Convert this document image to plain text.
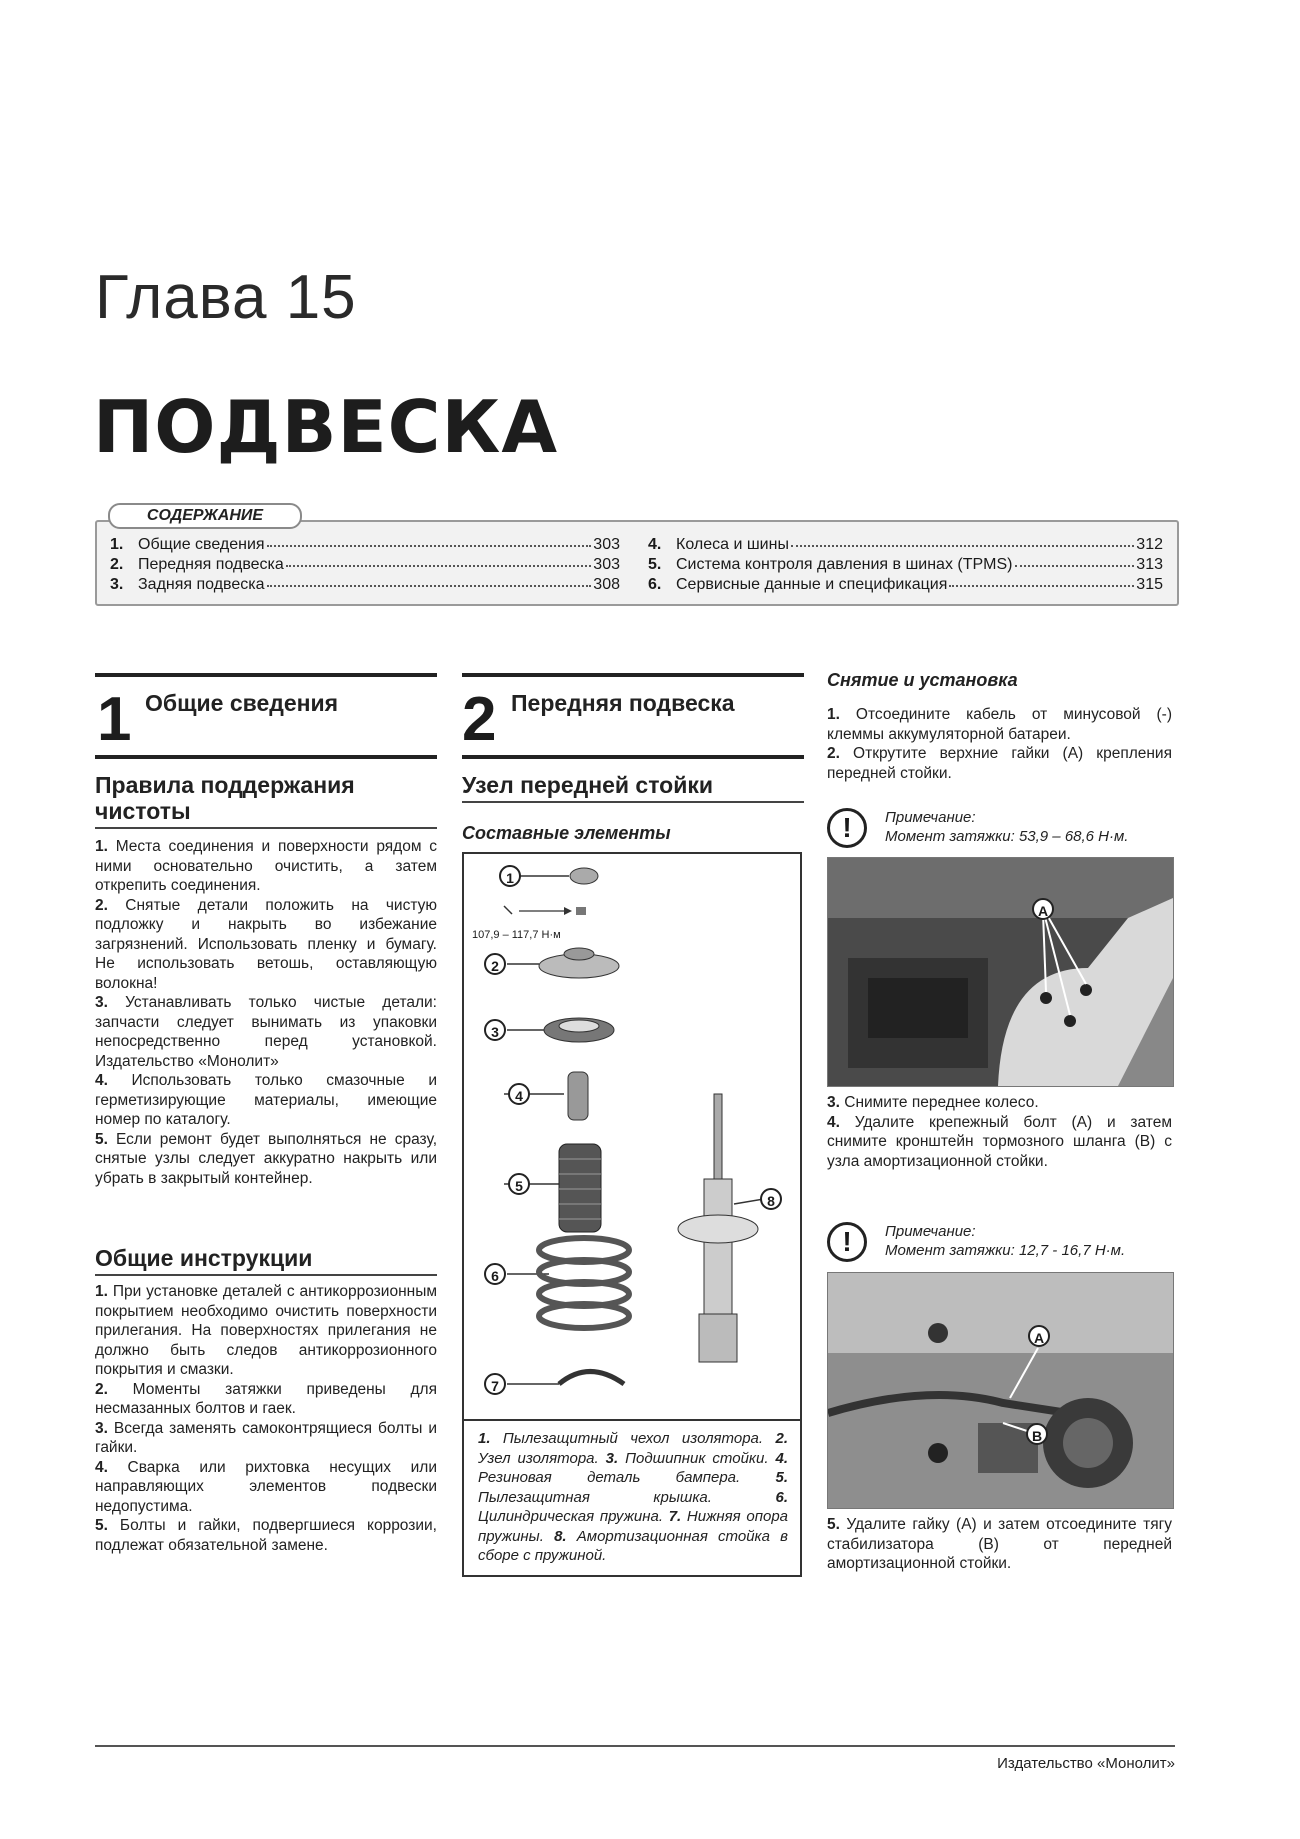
Глава 15
ПОДВЕСКА
СОДЕРЖАНИЕ
1. Общие сведения	303
2. Передняя подвеска	303
3. Задняя подвеска	308
4. Колеса и шины	312
5. Система контроля давления в шинах (TPMS)	313
6. Сервисные данные и спецификация	315
1 Общие сведения
Правила поддержания чистоты

1. Места соединения и поверхности рядом с ними основательно очистить, а затем открепить соединения.

2. Снятые детали положить на чистую подложку и накрыть во избежание загрязнений. Использовать пленку и бумагу. Не использовать ветошь, оставляющую волокна!

3. Устанавливать только чистые детали: запчасти следует вынимать из упаковки непосредственно перед установкой. Издательство «Монолит»

4. Использовать только смазочные и герметизирующие материалы, имеющие номер по каталогу.

5. Если ремонт будет выполняться не сразу, снятые узлы следует аккуратно накрыть или убрать в закрытый контейнер.

Общие инструкции

1. При установке деталей с антикоррозионным покрытием необходимо очистить поверхности прилегания. На поверхностях прилегания не должно быть следов антикоррозионного покрытия и смазки.

2. Моменты затяжки приведены для несмазанных болтов и гаек.

3. Всегда заменять самоконтрящиеся болты и гайки.

4. Сварка или рихтовка несущих или направляющих элементов подвески недопустима.

5. Болты и гайки, подвергшиеся коррозии, подлежат обязательной замене.

2 Передняя подвеска
Узел передней стойки
Составные элементы
107,9 – 117,7 Н·м
1
2
3
4
5
6
7
8
1. Пылезащитный чехол изолятора. 2. Узел изолятора. 3. Подшипник стойки. 4. Резиновая деталь бампера. 5. Пылезащитная крышка. 6. Цилиндрическая пружина. 7. Нижняя опора пружины. 8. Амортизационная стойка в сборе с пружиной.
Снятие и установка

1. Отсоедините кабель от минусовой (-) клеммы аккумуляторной батареи.

2. Открутите верхние гайки (A) крепления передней стойки.

!	Примечание:
Момент затяжки: 53,9 – 68,6 Н·м.
A

3. Снимите переднее колесо.

4. Удалите крепежный болт (A) и затем снимите кронштейн тормозного шланга (B) с узла амортизационной стойки.

!	Примечание:
Момент затяжки: 12,7 - 16,7 Н·м.
A
B

5. Удалите гайку (A) и затем отсоедините тягу стабилизатора (B) от передней амортизационной стойки.

Издательство «Монолит»
